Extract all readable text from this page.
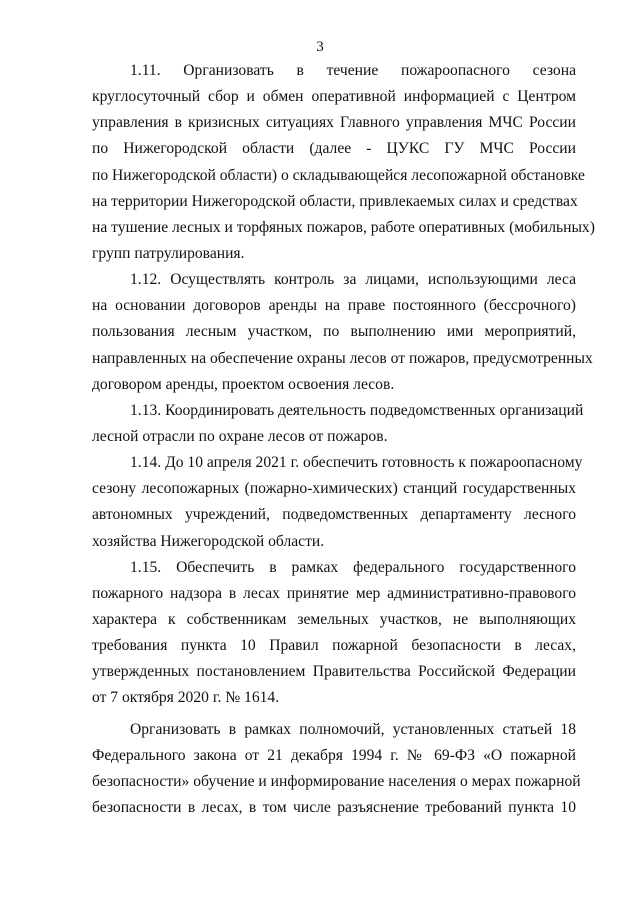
3
1.11. Организовать в течение пожароопасного сезона
круглосуточный сбор и обмен оперативной информацией с Центром
управления в кризисных ситуациях Главного управления МЧС России
по Нижегородской области (далее - ЦУКС ГУ МЧС России
по Нижегородской области) о складывающейся лесопожарной обстановке
на территории Нижегородской области, привлекаемых силах и средствах
на тушение лесных и торфяных пожаров, работе оперативных (мобильных)
групп патрулирования.
1.12. Осуществлять контроль за лицами, использующими леса
на основании договоров аренды на праве постоянного (бессрочного)
пользования лесным участком, по выполнению ими мероприятий,
направленных на обеспечение охраны лесов от пожаров, предусмотренных
договором аренды, проектом освоения лесов.
1.13. Координировать деятельность подведомственных организаций
лесной отрасли по охране лесов от пожаров.
1.14. До 10 апреля 2021 г. обеспечить готовность к пожароопасному
сезону лесопожарных (пожарно-химических) станций государственных
автономных учреждений, подведомственных департаменту лесного
хозяйства Нижегородской области.
1.15. Обеспечить в рамках федерального государственного
пожарного надзора в лесах принятие мер административно-правового
характера к собственникам земельных участков, не выполняющих
требования пункта 10 Правил пожарной безопасности в лесах,
утвержденных постановлением Правительства Российской Федерации
от 7 октября 2020 г. № 1614.
Организовать в рамках полномочий, установленных статьей 18
Федерального закона от 21 декабря 1994 г. № 69-ФЗ «О пожарной
безопасности» обучение и информирование населения о мерах пожарной
безопасности в лесах, в том числе разъяснение требований пункта 10
